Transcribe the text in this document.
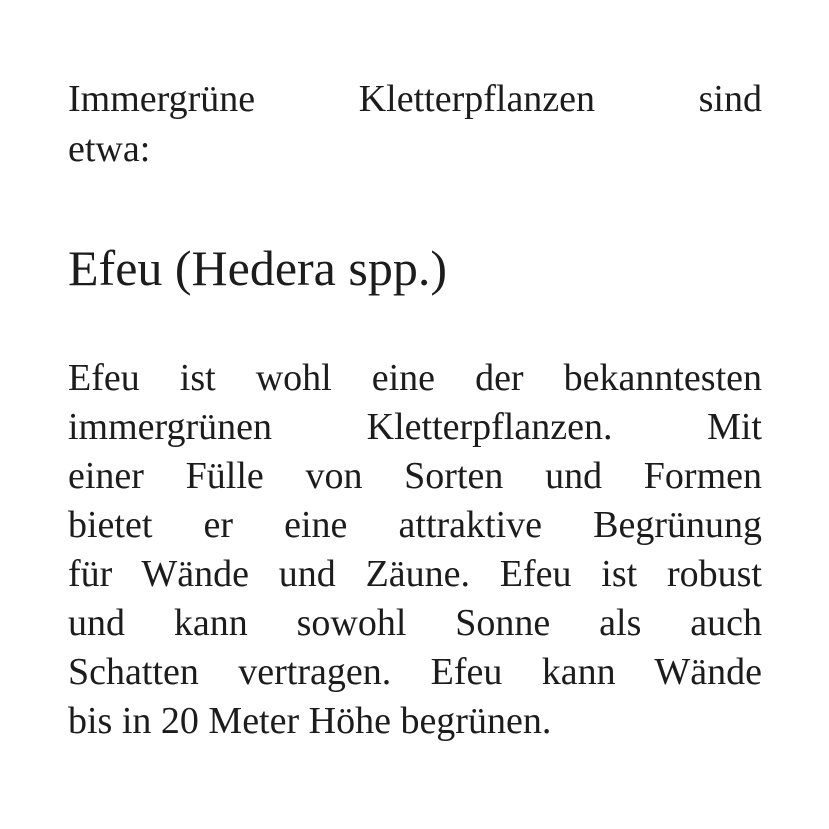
Immergrüne Kletterpflanzen sind
etwa:

Efeu (Hedera spp.)

Efeu ist wohl eine der bekanntesten
immergrünen Kletterpflanzen. Mit
einer Fülle von Sorten und Formen
bietet er eine attraktive Begrünung
für Wände und Zäune. Efeu ist robust
und kann sowohl Sonne als auch
Schatten vertragen. Efeu kann Wände
bis in 20 Meter Höhe begrünen.
